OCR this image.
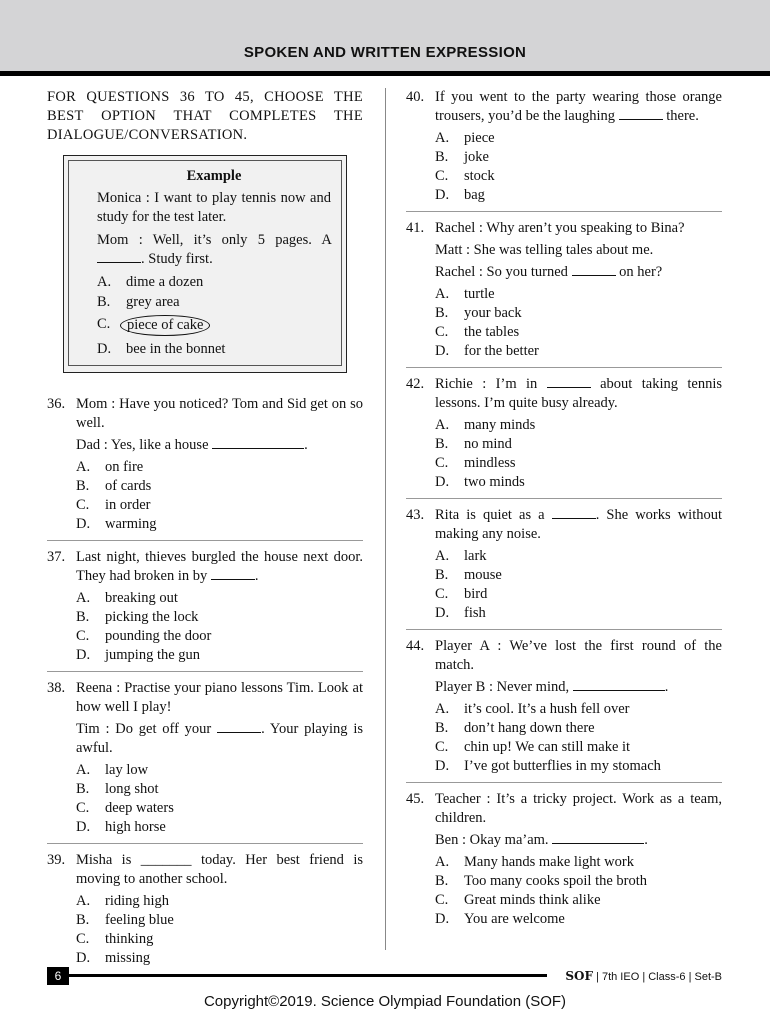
SPOKEN AND WRITTEN EXPRESSION
FOR QUESTIONS 36 TO 45, CHOOSE THE BEST OPTION THAT COMPLETES THE DIALOGUE/CONVERSATION.
Example
Monica : I want to play tennis now and study for the test later.
Mom : Well, it’s only 5 pages. A . Study first.
A.	dime a dozen
B.	grey area
C.	piece of cake
D.	bee in the bonnet
36. Mom : Have you noticed? Tom and Sid get on so well.
Dad : Yes, like a house	.
A.	on fire
B.	of cards
C.	in order
D.	warming
37. Last night, thieves burgled the house next door. They had broken in by	.
A.	breaking out
B.	picking the lock
C.	pounding the door
D.	jumping the gun
38. Reena : Practise your piano lessons Tim. Look at how well I play!
Tim : Do get off your	. Your playing is awful.
A.	lay low
B.	long shot
C.	deep waters
D.	high horse
39. Misha is _______ today. Her best friend is moving to another school.
A.	riding high
B.	feeling blue
C.	thinking
D.	missing
40. If you went to the party wearing those orange trousers, you’d be the laughing	there.
A.	piece
B.	joke
C.	stock
D.	bag
41. Rachel : Why aren’t you speaking to Bina?
Matt : She was telling tales about me.
Rachel : So you turned	on her?
A.	turtle
B.	your back
C.	the tables
D.	for the better
42. Richie : I’m in	about taking tennis lessons. I’m quite busy already.
A.	many minds
B.	no mind
C.	mindless
D.	two minds
43. Rita is quiet as a	. She works without making any noise.
A.	lark
B.	mouse
C.	bird
D.	fish
44. Player A : We’ve lost the first round of the match.
Player B : Never mind,	.
A.	it’s cool. It’s a hush fell over
B.	don’t hang down there
C.	chin up! We can still make it
D.	I’ve got butterflies in my stomach
45. Teacher : It’s a tricky project. Work as a team, children.
Ben : Okay ma’am.	.
A.	Many hands make light work
B.	Too many cooks spoil the broth
C.	Great minds think alike
D.	You are welcome
6	SOF | 7th IEO | Class-6 | Set-B
Copyright©2019. Science Olympiad Foundation (SOF)
